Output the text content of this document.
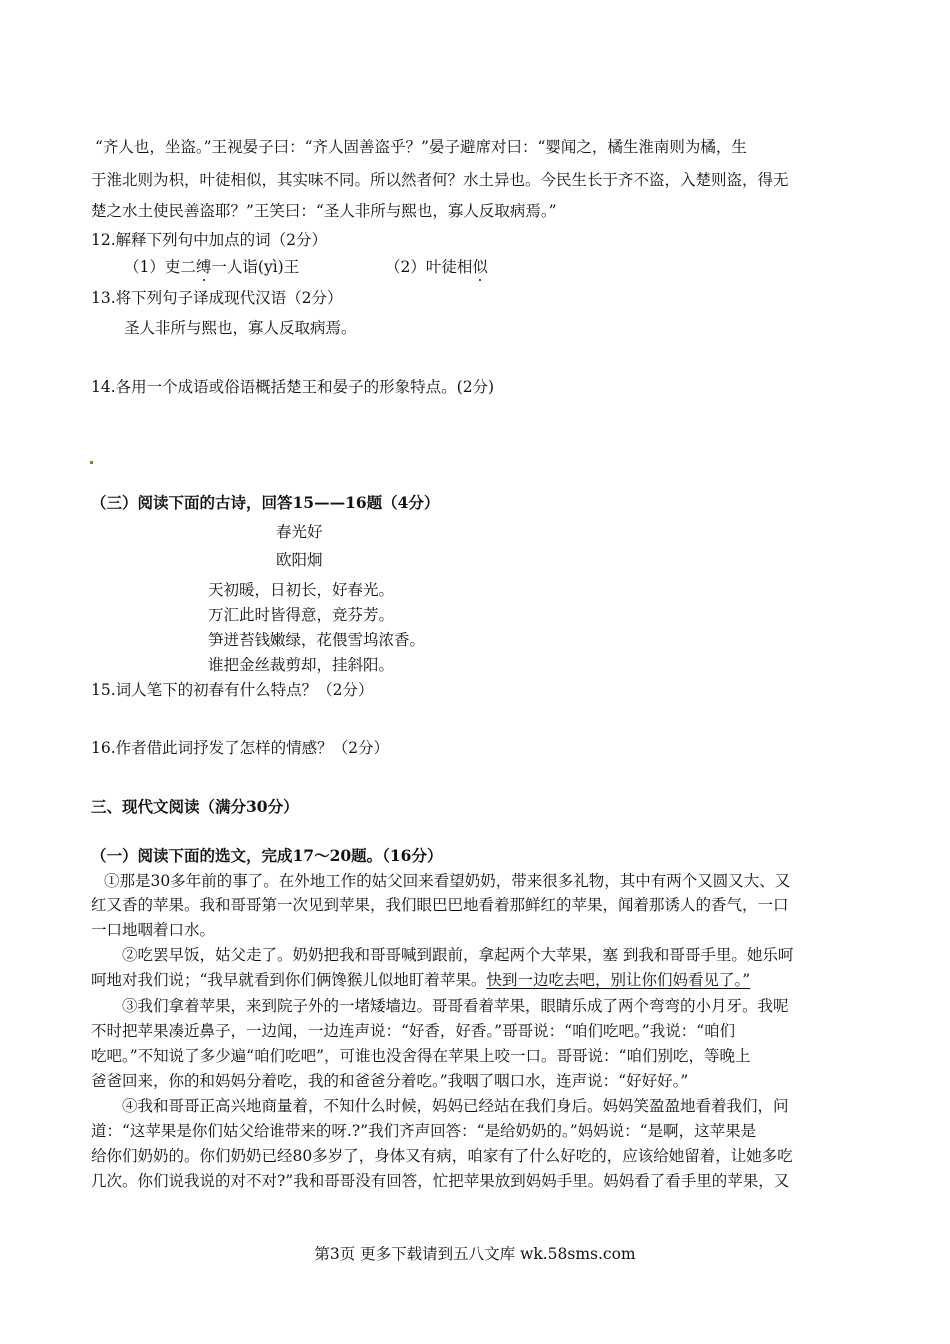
“齐人也，坐盗。”王视晏子曰：“齐人固善盗乎？”晏子避席对曰：“婴闻之，橘生淮南则为橘，生
于淮北则为枳，叶徒相似，其实味不同。所以然者何？水土异也。今民生长于齐不盗，入楚则盗，得无
楚之水土使民善盗耶？”王笑曰：“圣人非所与熙也，寡人反取病焉。”
12.解释下列句中加点的词（2分）
（1）吏二缚一人诣(yì)王	（2）叶徒相似
13.将下列句子译成现代汉语（2分）
圣人非所与熙也，寡人反取病焉。
14.各用一个成语或俗语概括楚王和晏子的形象特点。(2分)
（三）阅读下面的古诗，回答15——16题（4分）
春光好
欧阳炯
天初暖，日初长，好春光。
万汇此时皆得意，竞芬芳。
笋迸苔钱嫩绿，花偎雪坞浓香。
谁把金丝裁剪却，挂斜阳。
15.词人笔下的初春有什么特点？（2分）
16.作者借此词抒发了怎样的情感？（2分）
三、现代文阅读（满分30分）
（一）阅读下面的选文，完成17～20题。（16分）
①那是30多年前的事了。在外地工作的姑父回来看望奶奶，带来很多礼物，其中有两个又圆又大、又
红又香的苹果。我和哥哥第一次见到苹果，我们眼巴巴地看着那鲜红的苹果，闻着那诱人的香气，一口
一口地咽着口水。
②吃罢早饭，姑父走了。奶奶把我和哥哥喊到跟前，拿起两个大苹果，塞 到我和哥哥手里。她乐呵
呵地对我们说；“我早就看到你们俩馋猴儿似地盯着苹果。快到一边吃去吧，别让你们妈看见了。”
③我们拿着苹果，来到院子外的一堵矮墙边。哥哥看着苹果，眼睛乐成了两个弯弯的小月牙。我呢
不时把苹果凑近鼻子，一边闻，一边连声说：“好香，好香。”哥哥说：“咱们吃吧。”我说：“咱们
吃吧。”不知说了多少遍“咱们吃吧”，可谁也没舍得在苹果上咬一口。哥哥说：“咱们别吃，等晚上
爸爸回来，你的和妈妈分着吃，我的和爸爸分着吃。”我咽了咽口水，连声说：“好好好。”
④我和哥哥正高兴地商量着，不知什么时候，妈妈已经站在我们身后。妈妈笑盈盈地看着我们，问
道：“这苹果是你们姑父给谁带来的呀.?”我们齐声回答：“是给奶奶的。”妈妈说：“是啊，这苹果是
给你们奶奶的。你们奶奶已经80多岁了，身体又有病，咱家有了什么好吃的，应该给她留着，让她多吃
几次。你们说我说的对不对?”我和哥哥没有回答，忙把苹果放到妈妈手里。妈妈看了看手里的苹果，又
第3页 更多下载请到五八文库 wk.58sms.com
